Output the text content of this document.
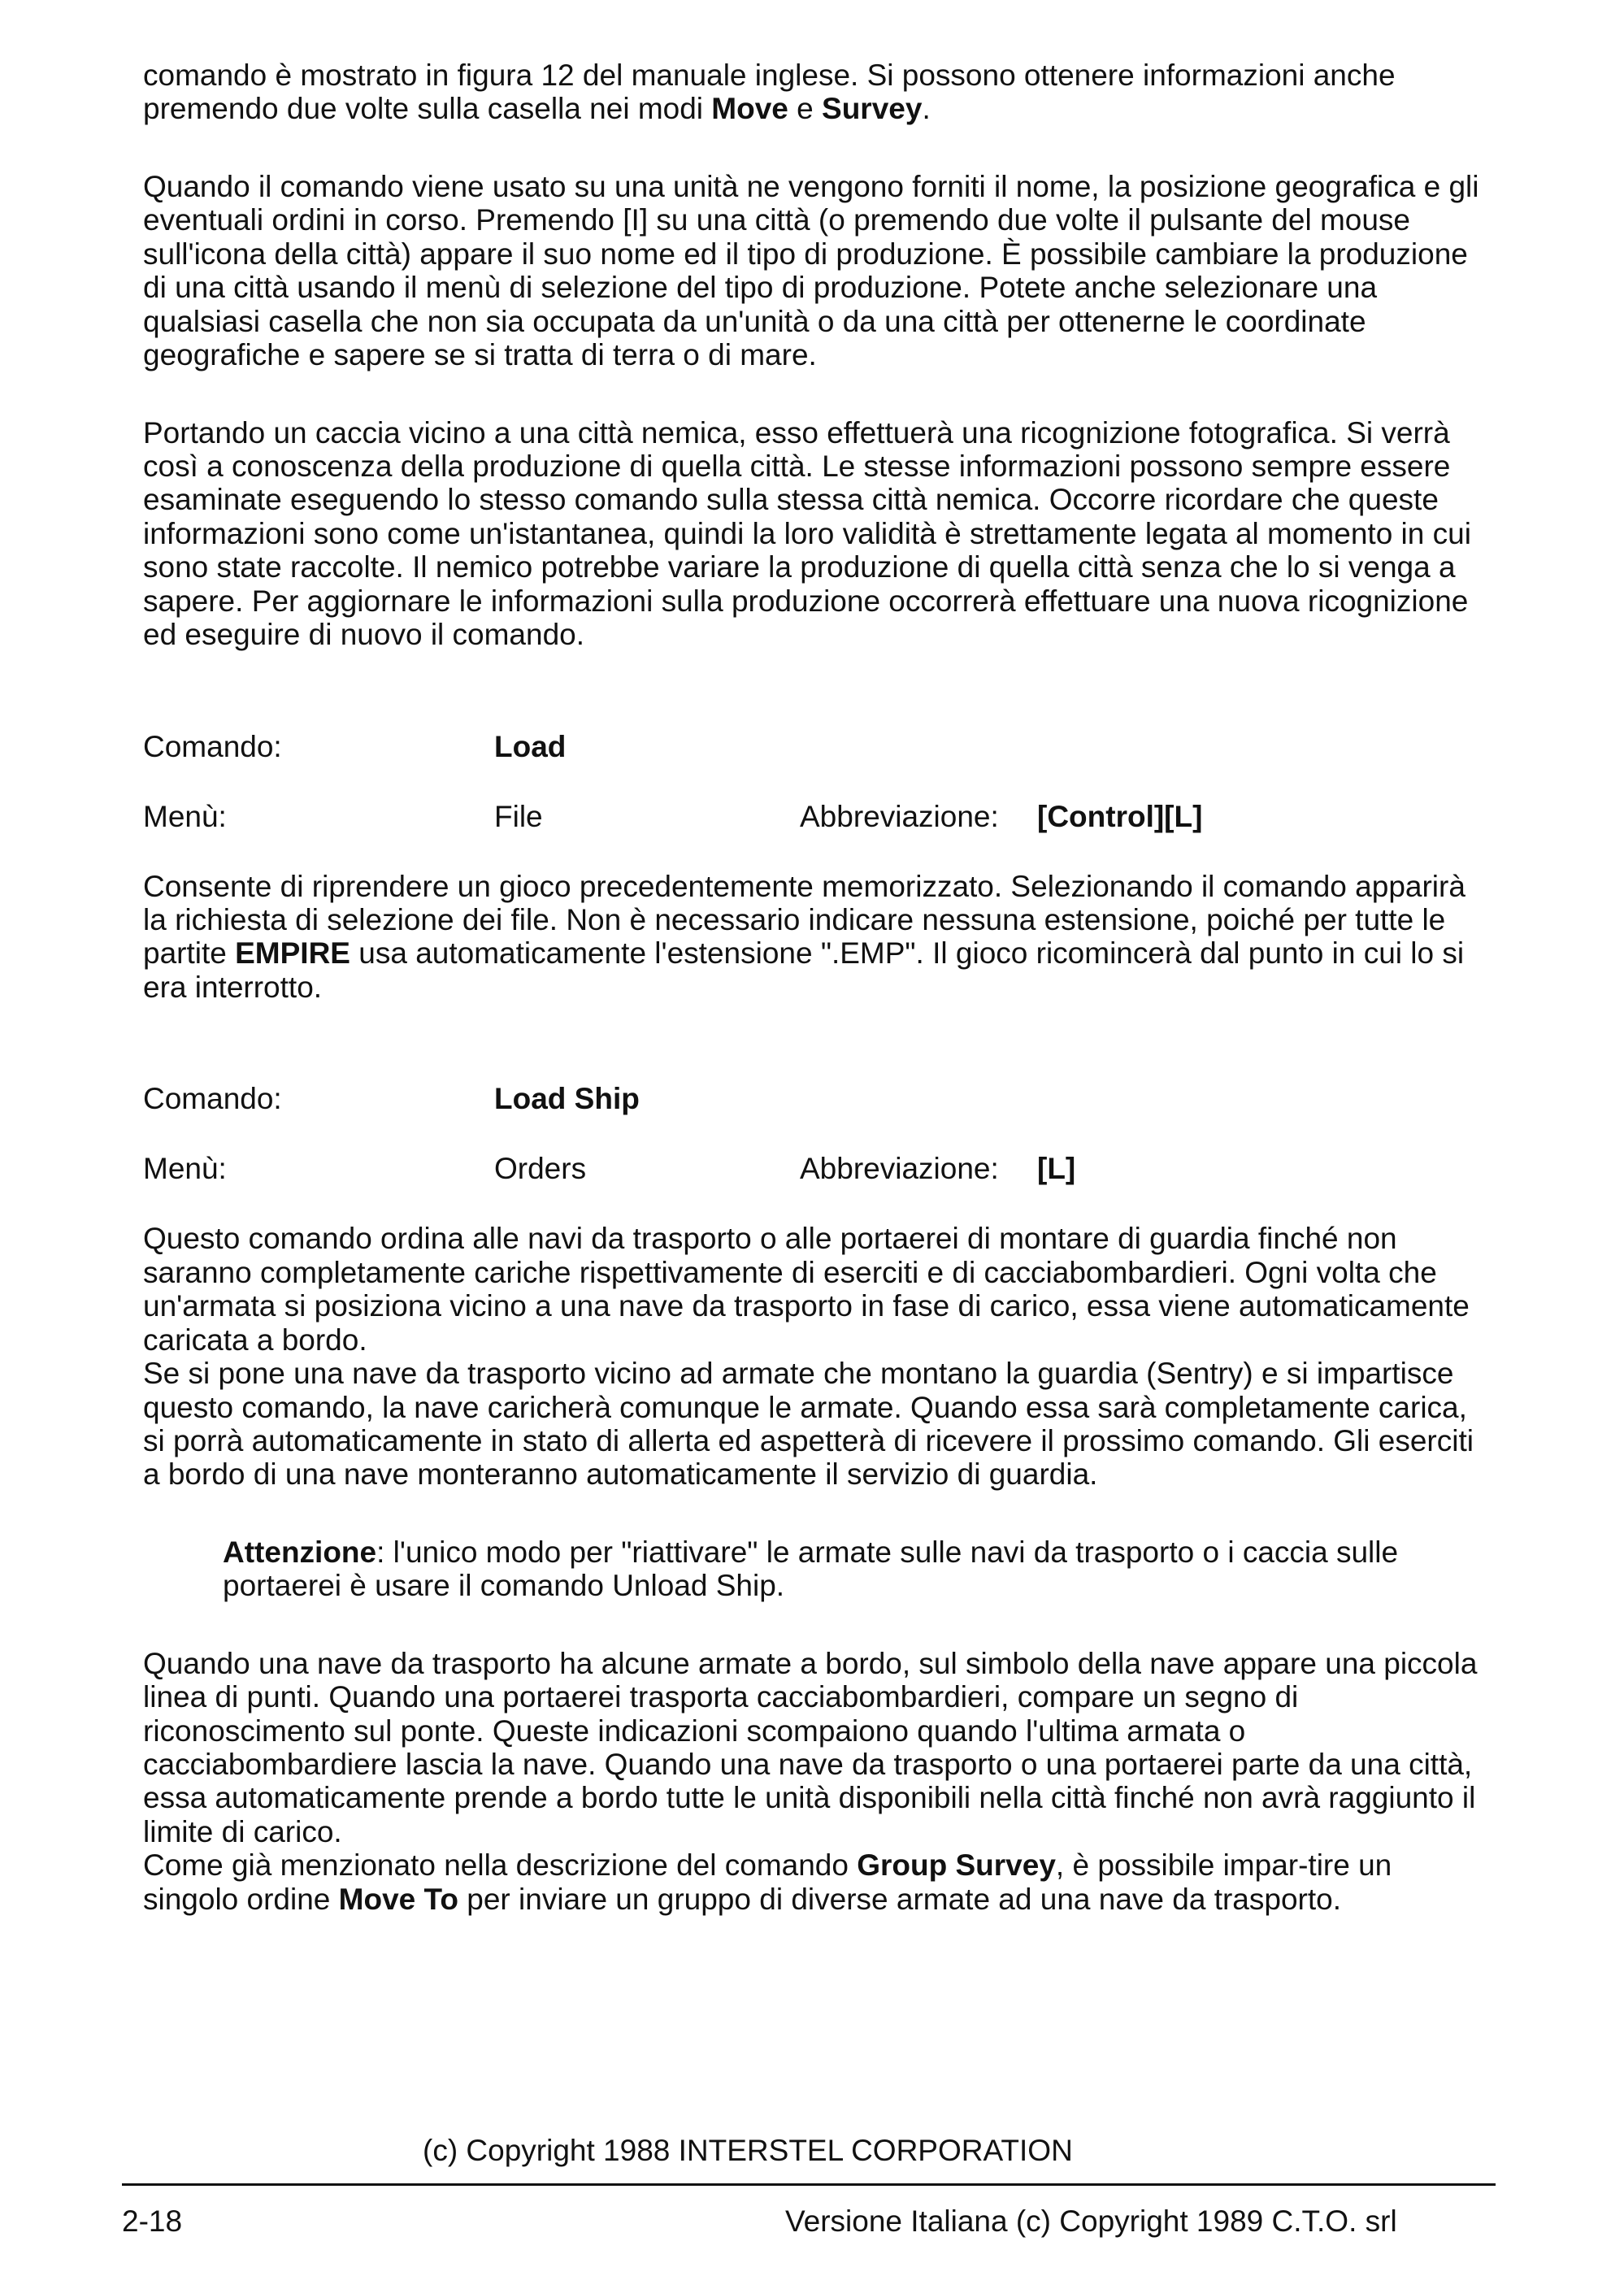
comando è mostrato in figura 12 del manuale inglese. Si possono ottenere informazioni anche premendo due volte sulla casella nei modi Move e Survey.

Quando il comando viene usato su una unità ne vengono forniti il nome, la posizione geografica e gli eventuali ordini in corso. Premendo [I] su una città (o premendo due volte il pulsante del mouse sull'icona della città) appare il suo nome ed il tipo di produzione. È possibile cambiare la produzione di una città usando il menù di selezione del tipo di produzione. Potete anche selezionare una qualsiasi casella che non sia occupata da un'unità o da una città per ottenerne le coordinate geografiche e sapere se si tratta di terra o di mare.

Portando un caccia vicino a una città nemica, esso effettuerà una ricognizione fotografica. Si verrà così a conoscenza della produzione di quella città. Le stesse informazioni possono sempre essere esaminate eseguendo lo stesso comando sulla stessa città nemica. Occorre ricordare che queste informazioni sono come un'istantanea, quindi la loro validità è strettamente legata al momento in cui sono state raccolte. Il nemico potrebbe variare la produzione di quella città senza che lo si venga a sapere. Per aggiornare le informazioni sulla produzione occorrerà effettuare una nuova ricognizione ed eseguire di nuovo il comando.

Comando:	Load
Menù:	File	Abbreviazione: [Control][L]

Consente di riprendere un gioco precedentemente memorizzato. Selezionando il comando apparirà la richiesta di selezione dei file. Non è necessario indicare nessuna estensione, poiché per tutte le partite EMPIRE usa automaticamente l'estensione ".EMP". Il gioco ricomincerà dal punto in cui lo si era interrotto.

Comando:	Load Ship
Menù:	Orders	Abbreviazione: [L]

Questo comando ordina alle navi da trasporto o alle portaerei di montare di guardia finché non saranno completamente cariche rispettivamente di eserciti e di cacciabombardieri. Ogni volta che un'armata si posiziona vicino a una nave da trasporto in fase di carico, essa viene automaticamente caricata a bordo.

Se si pone una nave da trasporto vicino ad armate che montano la guardia (Sentry) e si impartisce questo comando, la nave caricherà comunque le armate. Quando essa sarà completamente carica, si porrà automaticamente in stato di allerta ed aspetterà di ricevere il prossimo comando. Gli eserciti a bordo di una nave monteranno automaticamente il servizio di guardia.

Attenzione: l'unico modo per "riattivare" le armate sulle navi da trasporto o i caccia sulle portaerei è usare il comando Unload Ship.

Quando una nave da trasporto ha alcune armate a bordo, sul simbolo della nave appare una piccola linea di punti. Quando una portaerei trasporta cacciabombardieri, compare un segno di riconoscimento sul ponte. Queste indicazioni scompaiono quando l'ultima armata o cacciabombardiere lascia la nave. Quando una nave da trasporto o una portaerei parte da una città, essa automaticamente prende a bordo tutte le unità disponibili nella città finché non avrà raggiunto il limite di carico.

Come già menzionato nella descrizione del comando Group Survey, è possibile impar-tire un singolo ordine Move To per inviare un gruppo di diverse armate ad una nave da trasporto.

(c) Copyright 1988 INTERSTEL CORPORATION
2-18	Versione Italiana (c) Copyright 1989 C.T.O. srl
